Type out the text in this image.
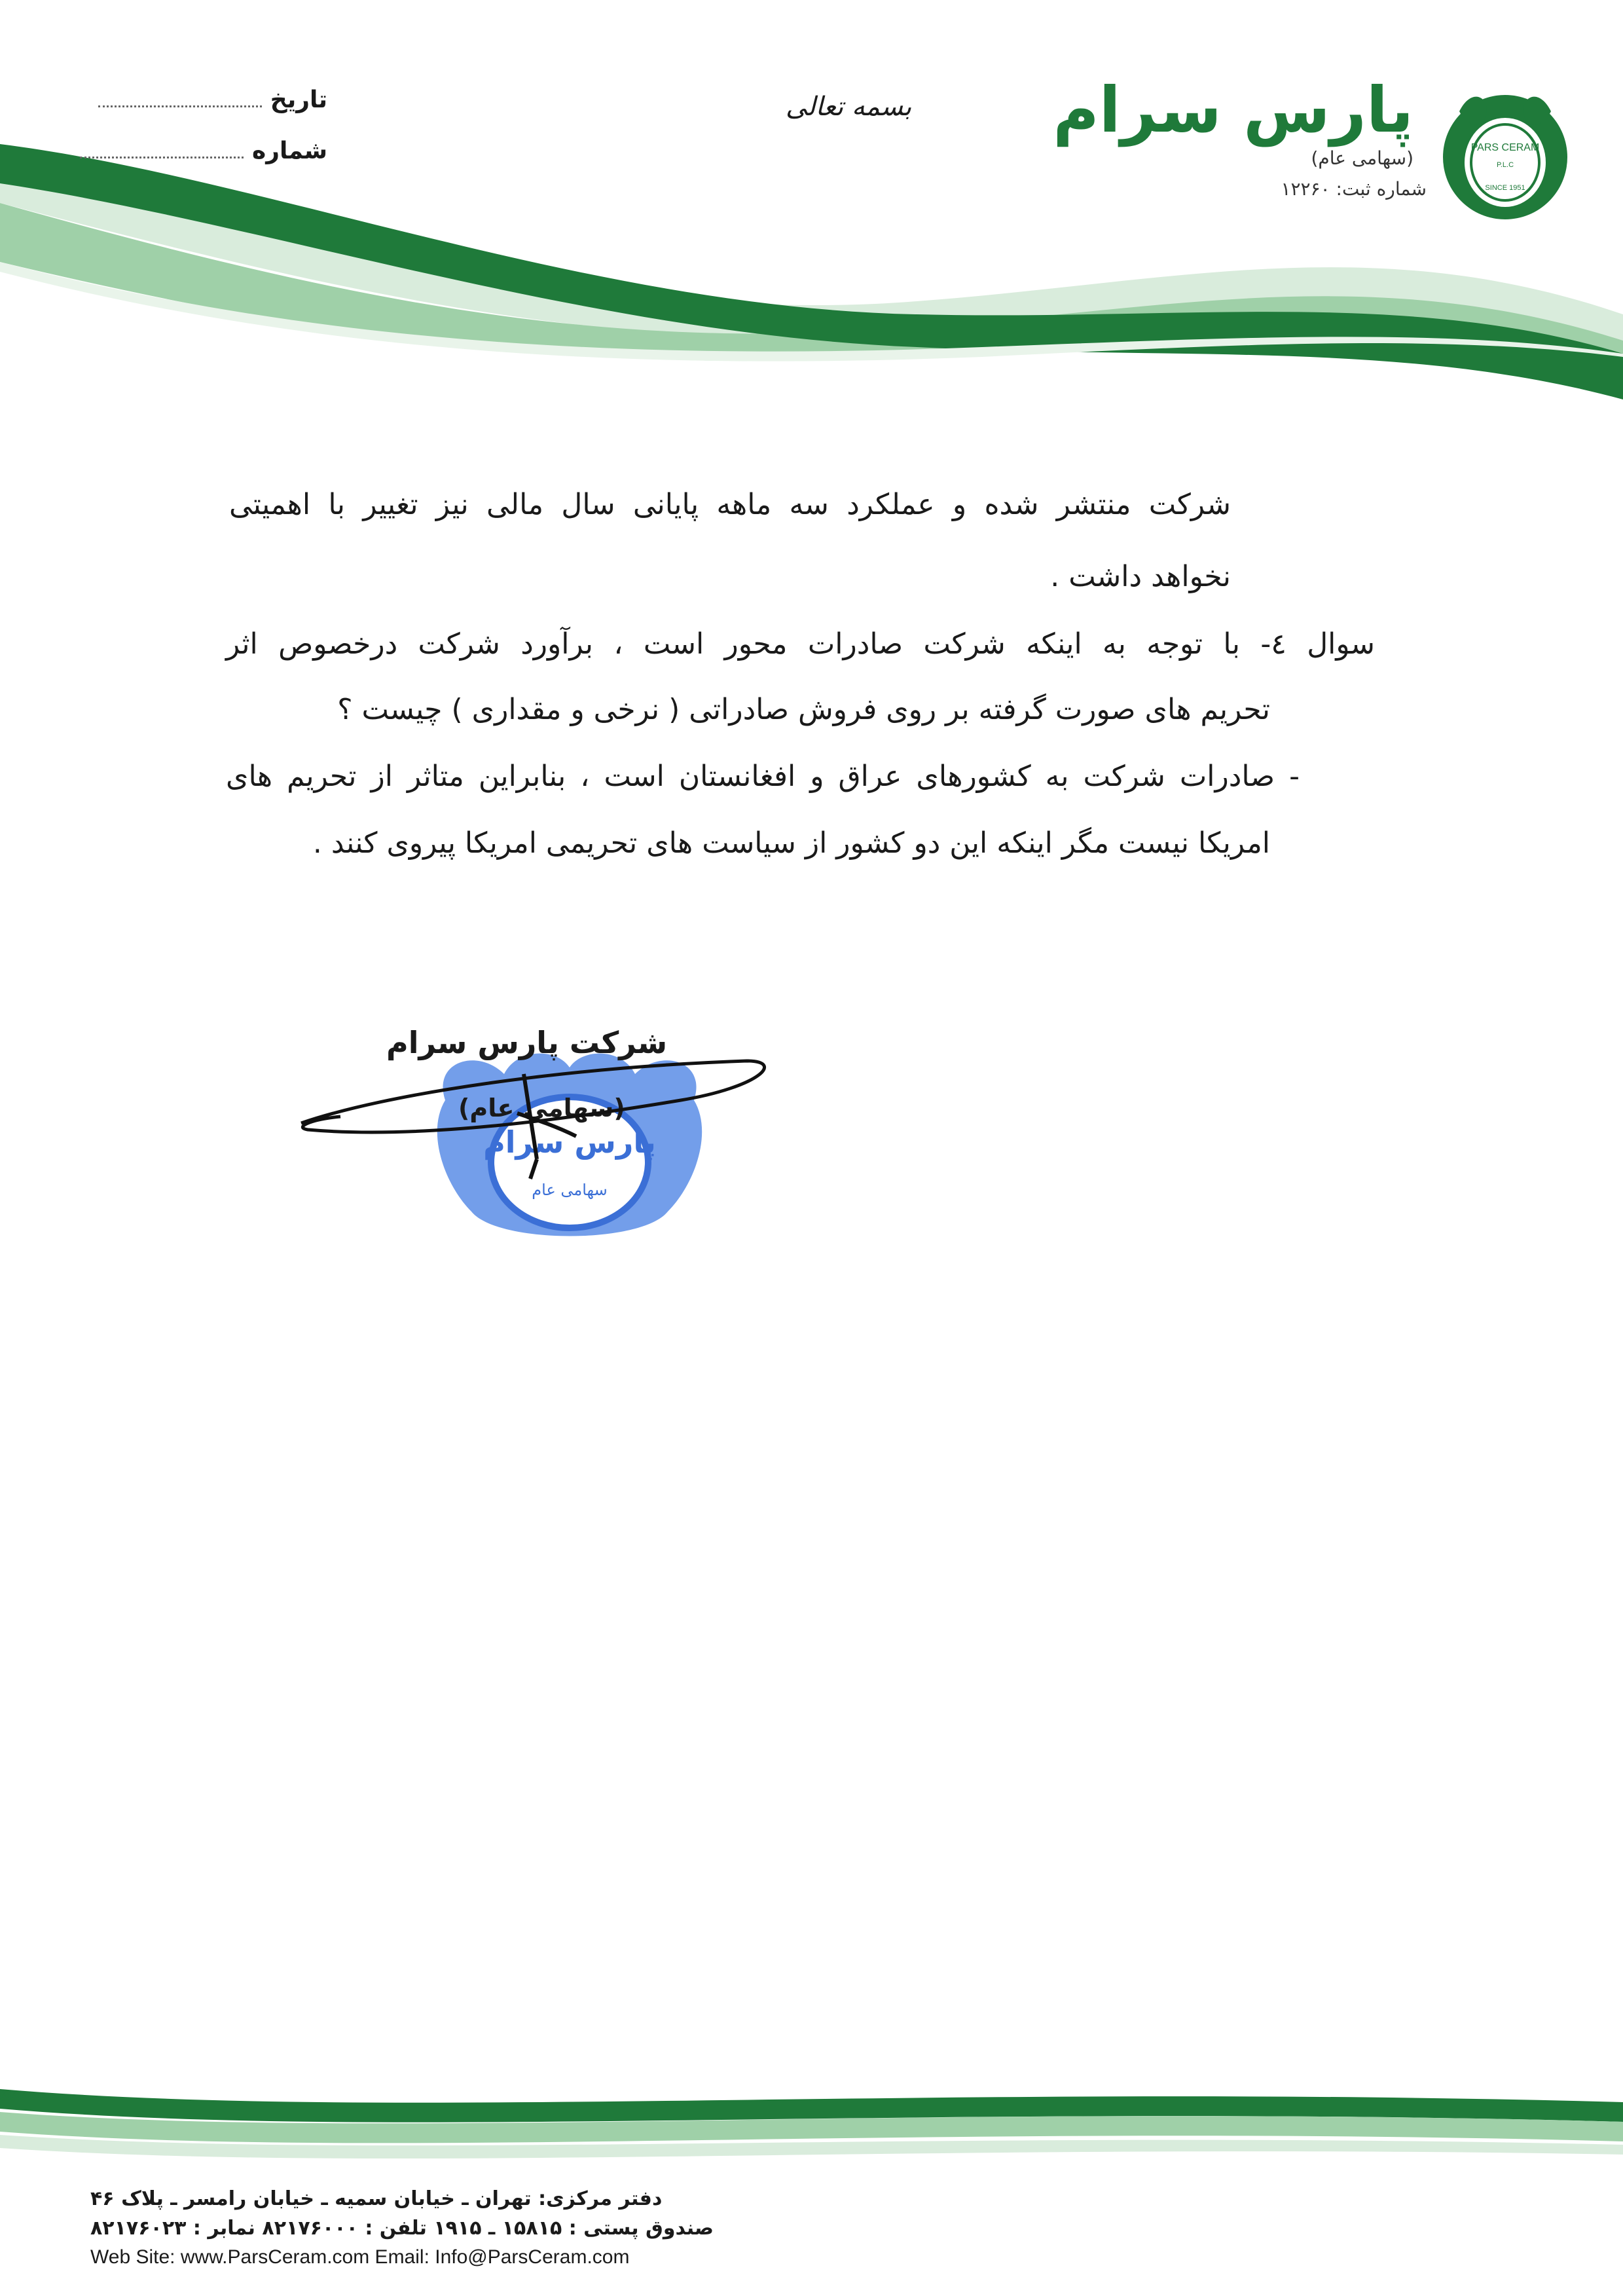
PARS CERAM
P.L.C
SINCE 1951
پارس سرام
(سهامی عام)
شماره ثبت: ۱۲۲۶۰
بسمه تعالی
تاریخ
شماره
شرکت منتشر شده و عملکرد سه ماهه پایانی سال مالی نیز تغییر با اهمیتی
نخواهد داشت .
سوال ٤- با توجه به اینکه شرکت صادرات محور است ، برآورد شرکت درخصوص اثر
تحریم های صورت گرفته بر روی فروش صادراتی ( نرخی و مقداری ) چیست ؟
- صادرات شرکت به کشورهای عراق و افغانستان است ، بنابراین متاثر از تحریم های
امریکا نیست مگر اینکه این دو کشور از سیاست های تحریمی امریکا پیروی کنند .
پارس سرام
سهامی عام
شرکت پارس سرام
(سهامی عام)
دفتر مرکزی: تهران ـ خیابان سمیه ـ خیابان رامسر ـ پلاک ۴۶
صندوق پستی : ۱۵۸۱۵ ـ ۱۹۱۵ تلفن : ۸۲۱۷۶۰۰۰ نمابر : ۸۲۱۷۶۰۲۳
Web Site: www.ParsCeram.com Email: Info@ParsCeram.com
